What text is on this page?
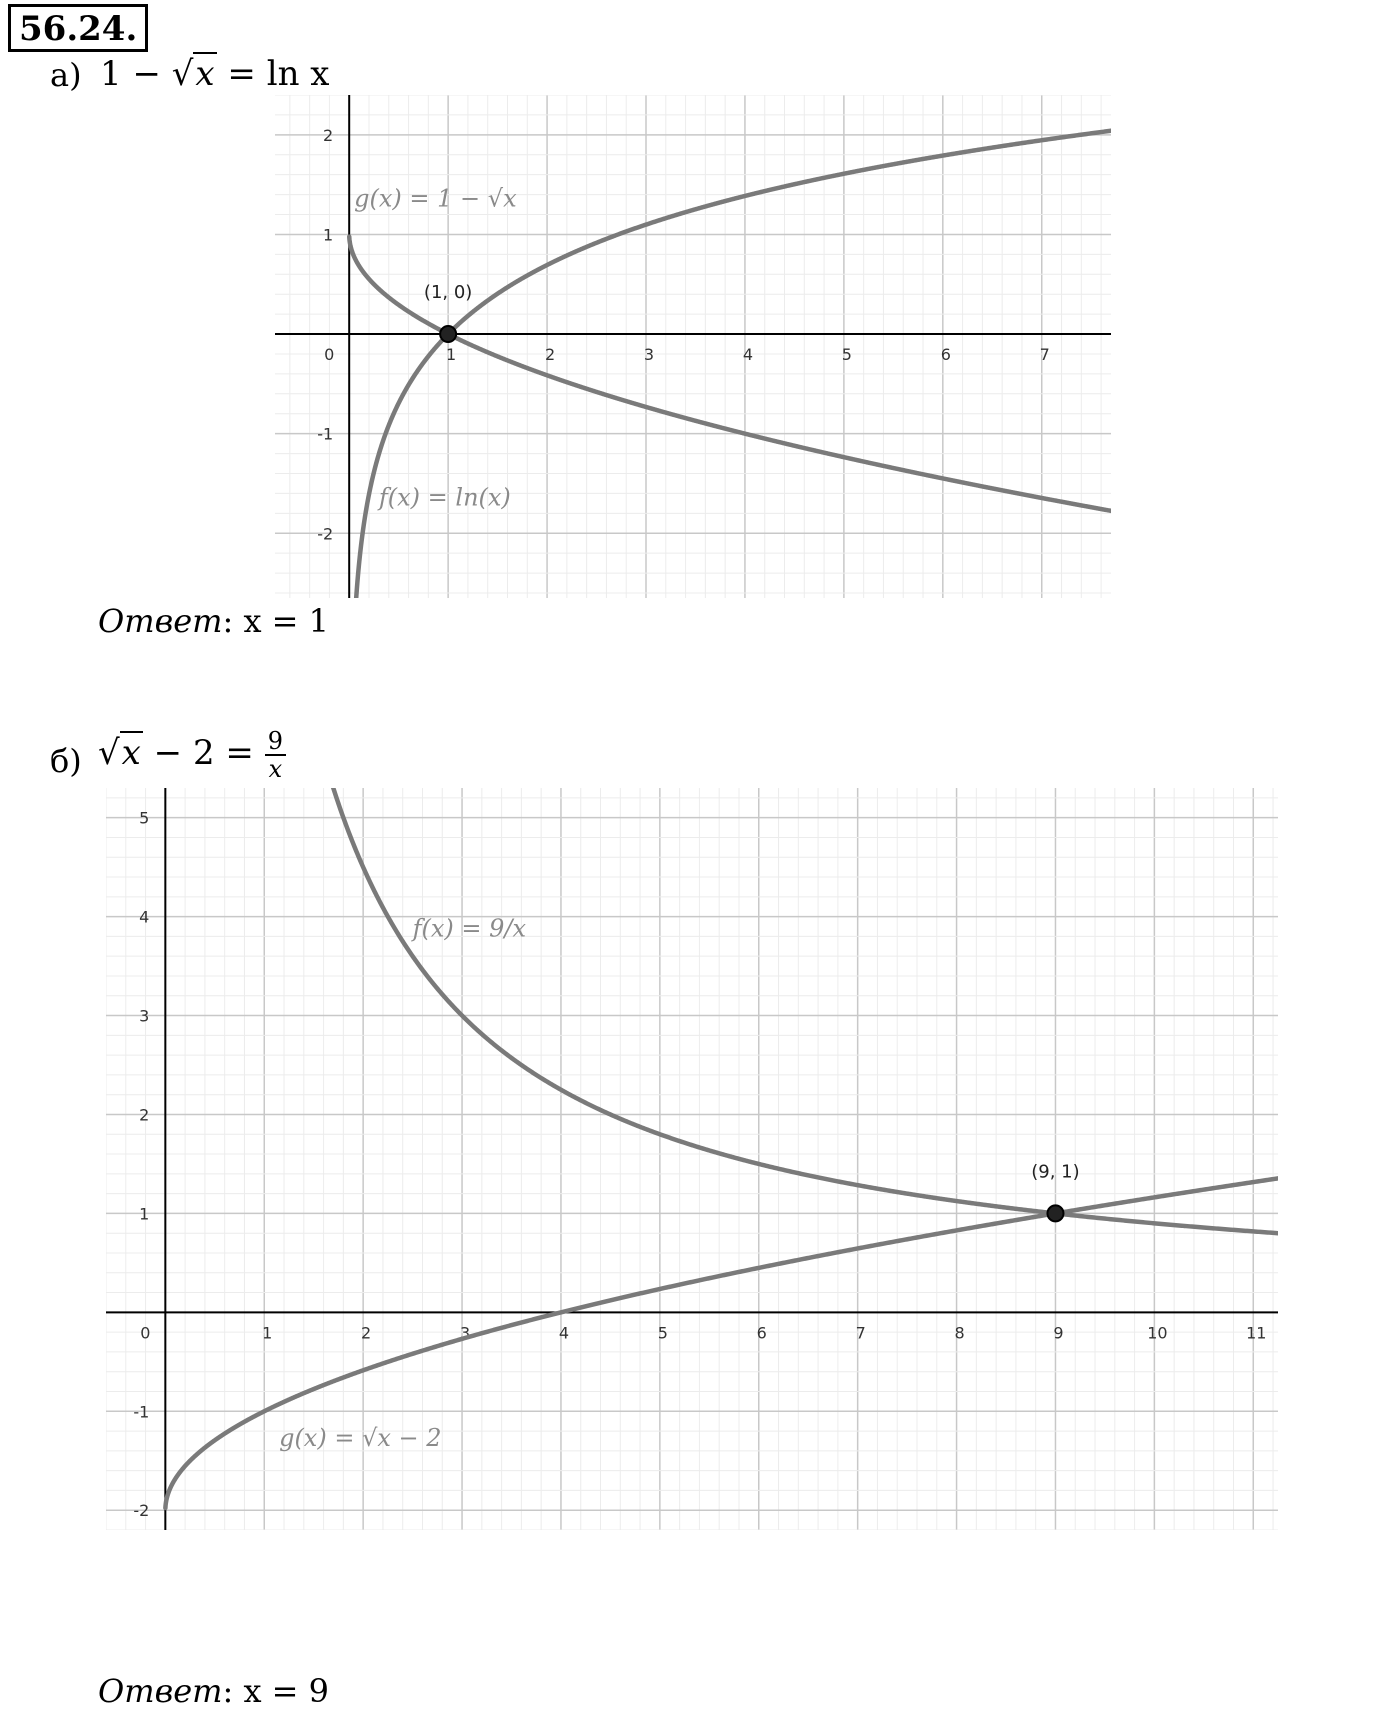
56.24.
а) 1 − √x = ln x
0	1	2	3	4	5	6	7
-2
-1
1
2
g(x) = 1 − √x
f(x) = ln(x)
(1, 0)
Ответ: x = 1
б) $√x - 2 = \frac{9}{x}$
0	1	2	3	4	5	6	7	8	9	10	11
-2
-1
1
2
3
4
5
f(x) = 9/x
g(x) = √x − 2
(9, 1)
Ответ: x = 9
